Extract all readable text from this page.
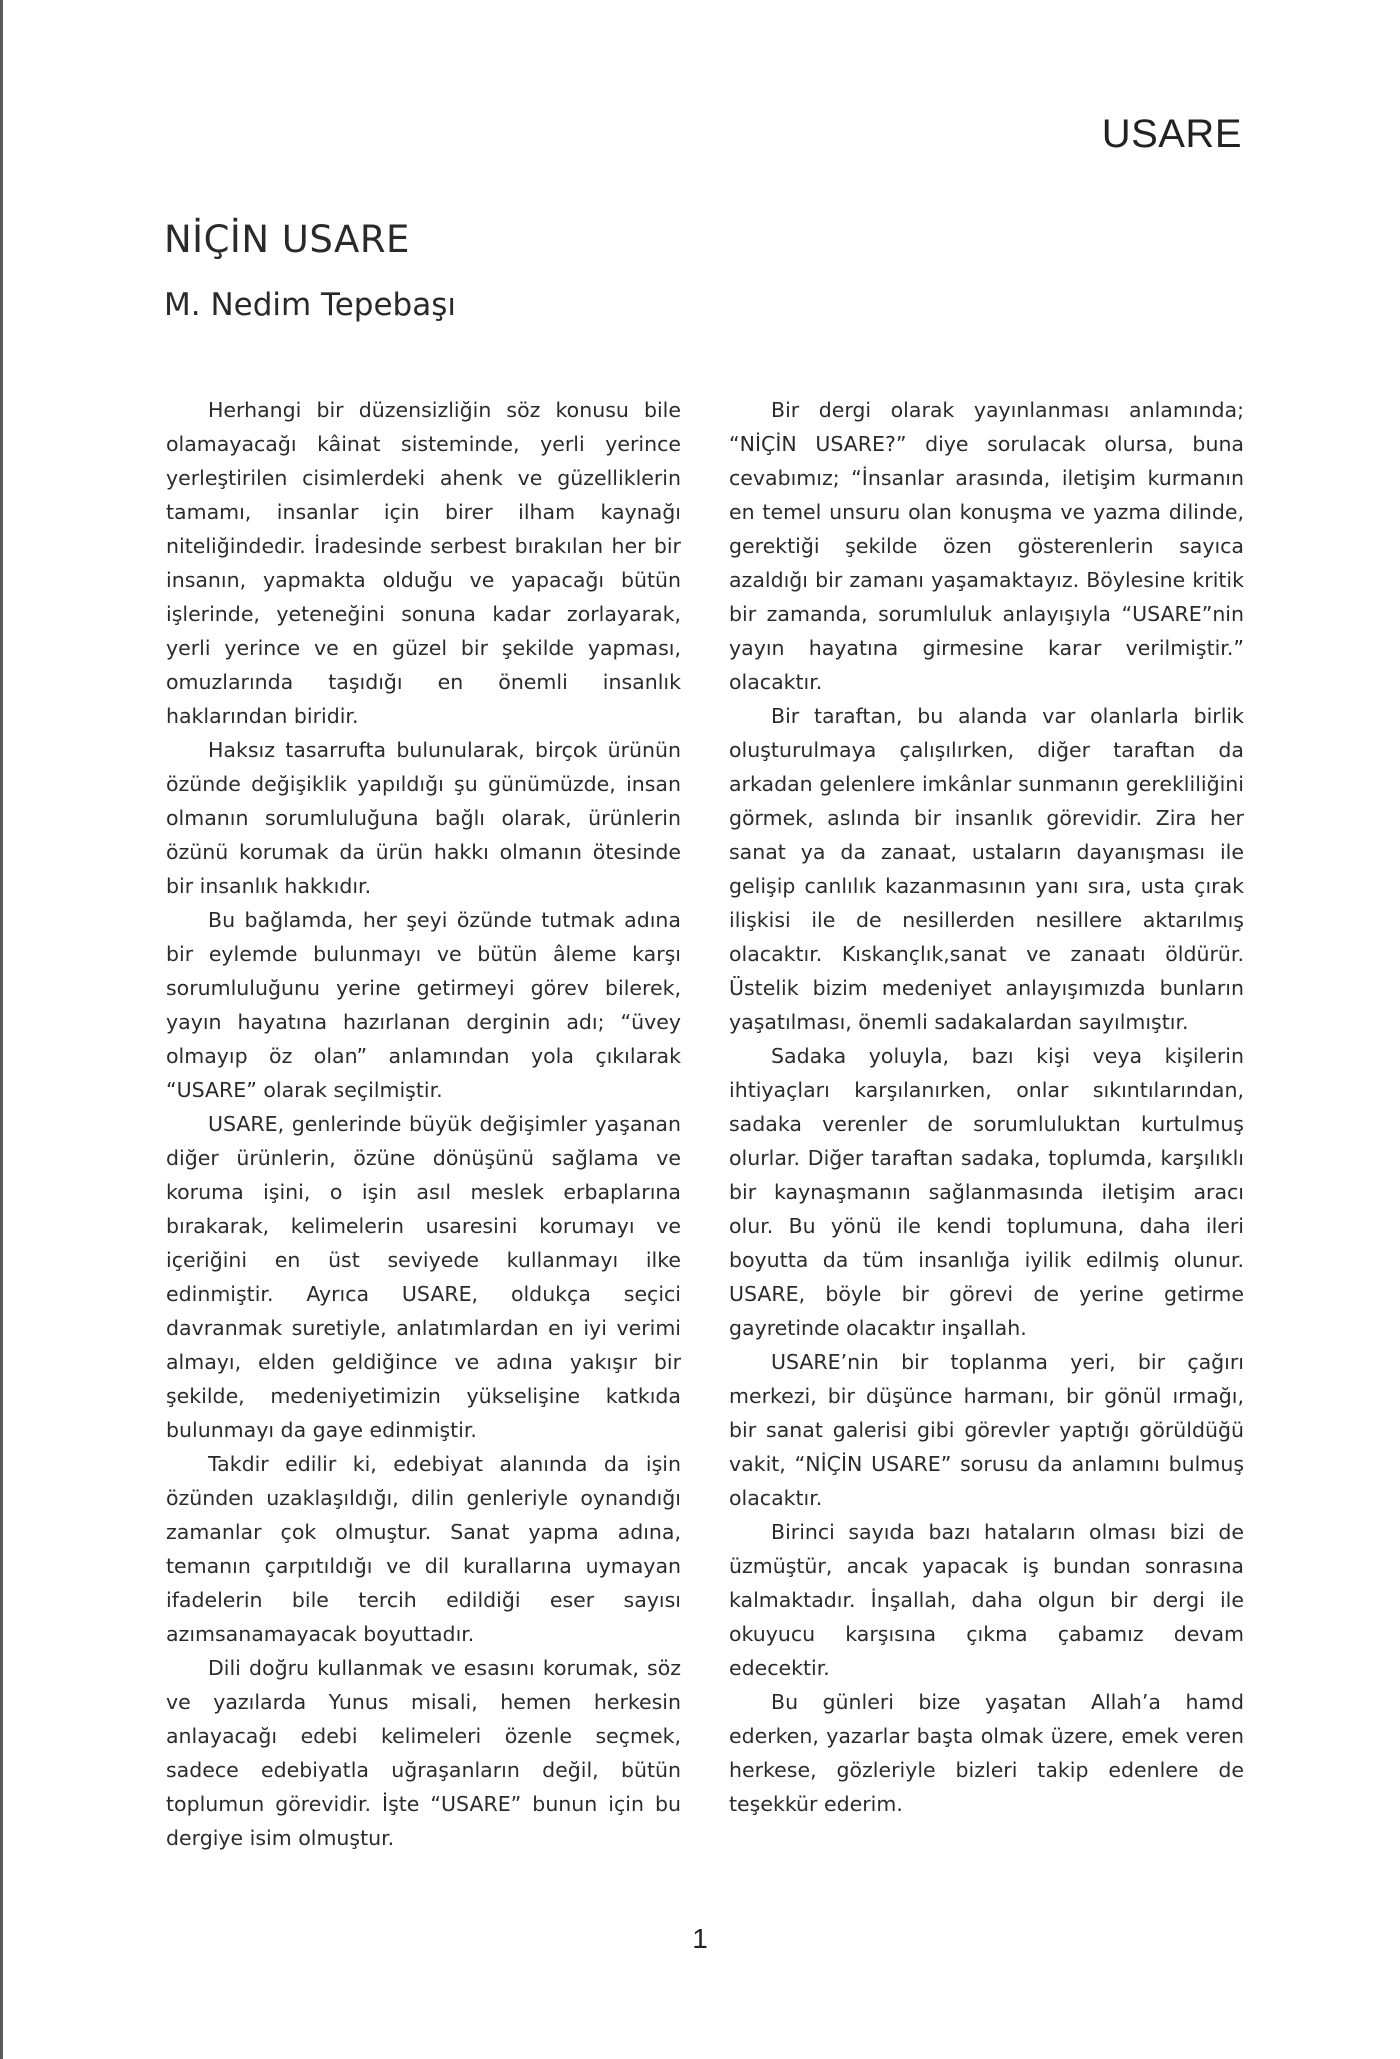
USARE
NİÇİN USARE
M. Nedim Tepebaşı

Herhangi bir düzensizliğin söz konusu bile olamayacağı kâinat sisteminde, yerli yerince yerleştirilen cisimlerdeki ahenk ve güzelliklerin tamamı, insanlar için birer ilham kaynağı niteliğindedir. İradesinde serbest bırakılan her bir insanın, yapmakta olduğu ve yapacağı bütün işlerinde, yeteneğini sonuna kadar zorlayarak, yerli yerince ve en güzel bir şekilde yapması, omuzlarında taşıdığı en önemli insanlık haklarından biridir.

Haksız tasarrufta bulunularak, birçok ürünün özünde değişiklik yapıldığı şu günümüzde, insan olmanın sorumluluğuna bağlı olarak, ürünlerin özünü korumak da ürün hakkı olmanın ötesinde bir insanlık hakkıdır.

Bu bağlamda, her şeyi özünde tutmak adına bir eylemde bulunmayı ve bütün âleme karşı sorumluluğunu yerine getirmeyi görev bilerek, yayın hayatına hazırlanan derginin adı; “üvey olmayıp öz olan” anlamından yola çıkılarak “USARE” olarak seçilmiştir.

USARE, genlerinde büyük değişimler yaşanan diğer ürünlerin, özüne dönüşünü sağlama ve koruma işini, o işin asıl meslek erbaplarına bırakarak, kelimelerin usaresini korumayı ve içeriğini en üst seviyede kullanmayı ilke edinmiştir. Ayrıca USARE, oldukça seçici davranmak suretiyle, anlatımlardan en iyi verimi almayı, elden geldiğince ve adına yakışır bir şekilde, medeniyetimizin yükselişine katkıda bulunmayı da gaye edinmiştir.

Takdir edilir ki, edebiyat alanında da işin özünden uzaklaşıldığı, dilin genleriyle oynandığı zamanlar çok olmuştur. Sanat yapma adına, temanın çarpıtıldığı ve dil kurallarına uymayan ifadelerin bile tercih edildiği eser sayısı azımsanamayacak boyuttadır.

Dili doğru kullanmak ve esasını korumak, söz ve yazılarda Yunus misali, hemen herkesin anlayacağı edebi kelimeleri özenle seçmek, sadece edebiyatla uğraşanların değil, bütün toplumun görevidir. İşte “USARE” bunun için bu dergiye isim olmuştur.

Bir dergi olarak yayınlanması anlamında; “NİÇİN USARE?” diye sorulacak olursa, buna cevabımız; “İnsanlar arasında, iletişim kurmanın en temel unsuru olan konuşma ve yazma dilinde, gerektiği şekilde özen gösterenlerin sayıca azaldığı bir zamanı yaşamaktayız. Böylesine kritik bir zamanda, sorumluluk anlayışıyla “USARE”nin yayın hayatına girmesine karar verilmiştir.” olacaktır.

Bir taraftan, bu alanda var olanlarla birlik oluşturulmaya çalışılırken, diğer taraftan da arkadan gelenlere imkânlar sunmanın gerekliliğini görmek, aslında bir insanlık görevidir. Zira her sanat ya da zanaat, ustaların dayanışması ile gelişip canlılık kazanmasının yanı sıra, usta çırak ilişkisi ile de nesillerden nesillere aktarılmış olacaktır. Kıskançlık,sanat ve zanaatı öldürür. Üstelik bizim medeniyet anlayışımızda bunların yaşatılması, önemli sadakalardan sayılmıştır.

Sadaka yoluyla, bazı kişi veya kişilerin ihtiyaçları karşılanırken, onlar sıkıntılarından, sadaka verenler de sorumluluktan kurtulmuş olurlar. Diğer taraftan sadaka, toplumda, karşılıklı bir kaynaşmanın sağlanmasında iletişim aracı olur. Bu yönü ile kendi toplumuna, daha ileri boyutta da tüm insanlığa iyilik edilmiş olunur. USARE, böyle bir görevi de yerine getirme gayretinde olacaktır inşallah.

USARE’nin bir toplanma yeri, bir çağırı merkezi, bir düşünce harmanı, bir gönül ırmağı, bir sanat galerisi gibi görevler yaptığı görüldüğü vakit, “NİÇİN USARE” sorusu da anlamını bulmuş olacaktır.

Birinci sayıda bazı hataların olması bizi de üzmüştür, ancak yapacak iş bundan sonrasına kalmaktadır. İnşallah, daha olgun bir dergi ile okuyucu karşısına çıkma çabamız devam edecektir.

Bu günleri bize yaşatan Allah’a hamd ederken, yazarlar başta olmak üzere, emek veren herkese, gözleriyle bizleri takip edenlere de teşekkür ederim.

1
